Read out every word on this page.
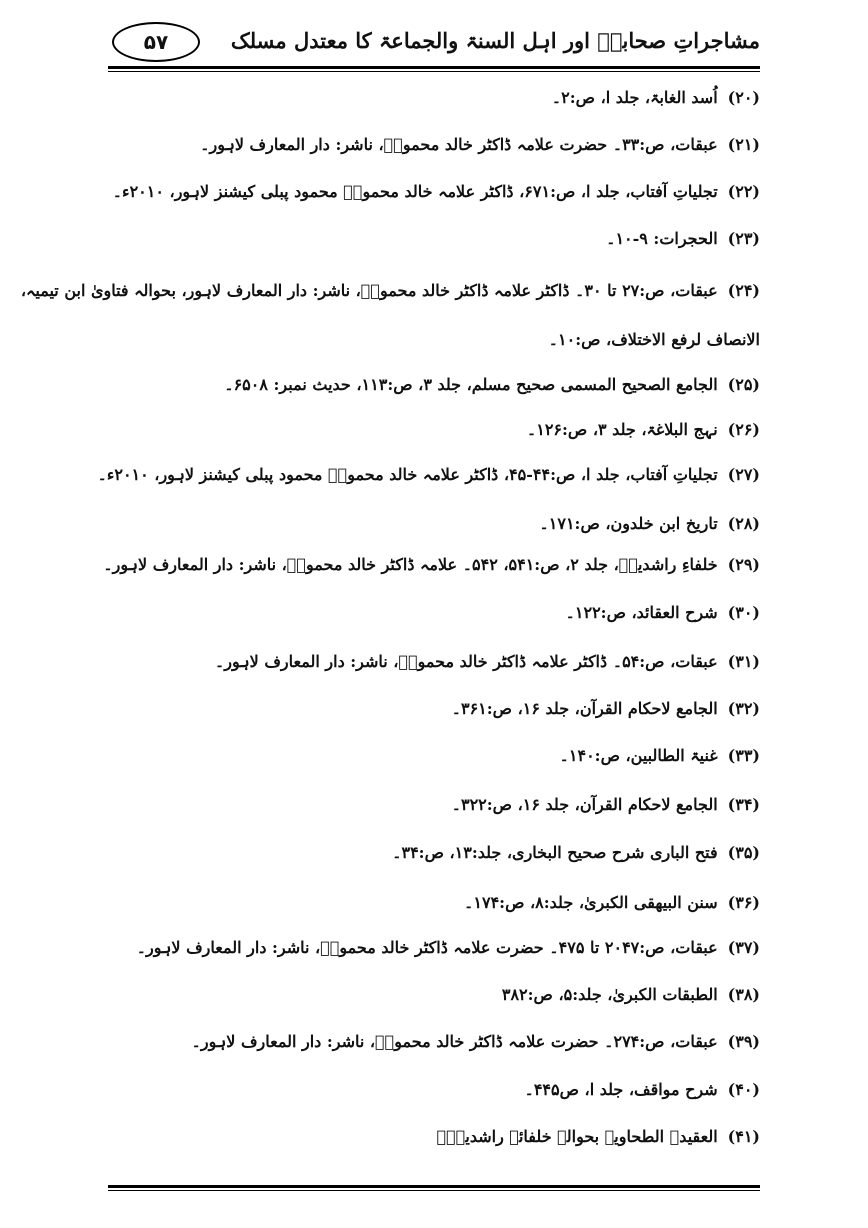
۵۷	مشاجراتِ صحابہؓ اور اہل السنۃ والجماعۃ کا معتدل مسلک
(۲۰)اُسد الغابۃ، جلد ا، ص:۲۔
(۲۱)عبقات، ص:۳۳۔ حضرت علامہ ڈاکٹر خالد محمودؒ، ناشر: دار المعارف لاہور۔
(۲۲)تجلیاتِ آفتاب، جلد ا، ص:۶۷۱، ڈاکٹر علامہ خالد محمودؒ محمود پبلی کیشنز لاہور، ۲۰۱۰ء۔
(۲۳)الحجرات: ۹-۱۰۔
(۲۴)عبقات، ص:۲۷ تا ۳۰۔ ڈاکٹر علامہ ڈاکٹر خالد محمودؒ، ناشر: دار المعارف لاہور، بحوالہ فتاویٰ ابن تیمیہ،
الانصاف لرفع الاختلاف، ص:۱۰۔
(۲۵)الجامع الصحیح المسمی صحیح مسلم، جلد ۳، ص:۱۱۳، حدیث نمبر: ۶۵۰۸۔
(۲۶)نہج البلاغۃ، جلد ۳، ص:۱۲۶۔
(۲۷)تجلیاتِ آفتاب، جلد ا، ص:۴۴-۴۵، ڈاکٹر علامہ خالد محمودؒ محمود پبلی کیشنز لاہور، ۲۰۱۰ء۔
(۲۸)تاریخ ابن خلدون، ص:۱۷۱۔
(۲۹)خلفاءِ راشدینؓ، جلد ۲، ص:۵۴۱، ۵۴۲۔ علامہ ڈاکٹر خالد محمودؒ، ناشر: دار المعارف لاہور۔
(۳۰)شرح العقائد، ص:۱۲۲۔
(۳۱)عبقات، ص:۵۴۔ ڈاکٹر علامہ ڈاکٹر خالد محمودؒ، ناشر: دار المعارف لاہور۔
(۳۲)الجامع لاحکام القرآن، جلد ۱۶، ص:۳۶۱۔
(۳۳)غنیۃ الطالبین، ص:۱۴۰۔
(۳۴)الجامع لاحکام القرآن، جلد ۱۶، ص:۳۲۲۔
(۳۵)فتح الباری شرح صحیح البخاری، جلد:۱۳، ص:۳۴۔
(۳۶)سنن البیھقی الکبریٰ، جلد:۸، ص:۱۷۴۔
(۳۷)عبقات، ص:۲۰۴۷ تا ۴۷۵۔ حضرت علامہ ڈاکٹر خالد محمودؒ، ناشر: دار المعارف لاہور۔
(۳۸)الطبقات الکبریٰ، جلد:۵، ص:۳۸۲
(۳۹)عبقات، ص:۲۷۴۔ حضرت علامہ ڈاکٹر خالد محمودؒ، ناشر: دار المعارف لاہور۔
(۴۰)شرح مواقف، جلد ا، ص۴۴۵۔
(۴۱)العقیدۃ الطحاویۃ بحوالہ خلفائے راشدینؓ۔
